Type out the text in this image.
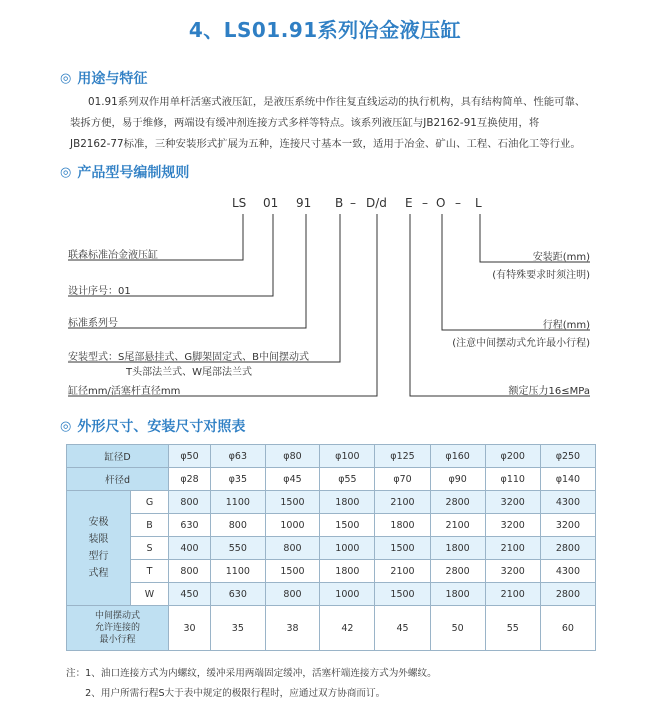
4、LS01.91系列冶金液压缸
◎ 用途与特征
01.91系列双作用单杆活塞式液压缸，是液压系统中作往复直线运动的执行机构，具有结构简单、性能可靠、
装拆方便，易于维修，两端设有缓冲剂连接方式多样等特点。该系列液压缸与JB2162-91互换使用，将
JB2162-77标准，三种安装形式扩展为五种，连接尺寸基本一致，适用于冶金、矿山、工程、石油化工等行业。
◎ 产品型号编制规则
LS 01 91 B – D/d E – O – L
联森标准冶金液压缸
设计序号：01
标准系列号
安装型式：S尾部悬挂式、G脚架固定式、B中间摆动式
T头部法兰式、W尾部法兰式
缸径mm/活塞杆直径mm
安装距(mm)
(有特殊要求时须注明)
行程(mm)
(注意中间摆动式允许最小行程)
额定压力16≤MPa
◎ 外形尺寸、安装尺寸对照表
缸径D		φ50	φ63	φ80	φ100	φ125	φ160	φ200	φ250
杆径d		φ28	φ35	φ45	φ55	φ70	φ90	φ110	φ140
安极
装限
型行
式程	G	800	1100	1500	1800	2100	2800	3200	4300
	B	630	800	1000	1500	1800	2100	3200	3200
	S	400	550	800	1000	1500	1800	2100	2800
	T	800	1100	1500	1800	2100	2800	3200	4300
	W	450	630	800	1000	1500	1800	2100	2800
中间摆动式
允许连接的
最小行程		30	35	38	42	45	50	55	60
注：1、油口连接方式为内螺纹，缓冲采用两端固定缓冲，活塞杆端连接方式为外螺纹。
　　2、用户所需行程S大于表中规定的极限行程时，应通过双方协商而订。
